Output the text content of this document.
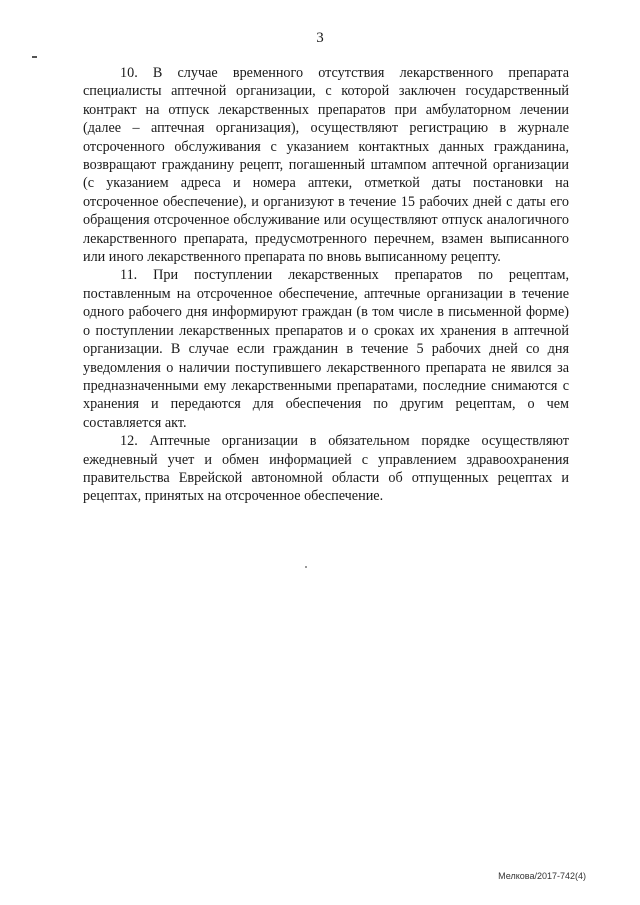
3

10. В случае временного отсутствия лекарственного препарата специалисты аптечной организации, с которой заключен государственный контракт на отпуск лекарственных препаратов при амбулаторном лечении (далее – аптечная организация), осуществляют регистрацию в журнале отсроченного обслуживания с указанием контактных данных гражданина, возвращают гражданину рецепт, погашенный штампом аптечной организации (с указанием адреса и номера аптеки, отметкой даты постановки на отсроченное обеспечение), и организуют в течение 15 рабочих дней с даты его обращения отсроченное обслуживание или осуществляют отпуск аналогичного лекарственного препарата, предусмотренного перечнем, взамен выписанного или иного лекарственного препарата по вновь выписанному рецепту.

11. При поступлении лекарственных препаратов по рецептам, поставленным на отсроченное обеспечение, аптечные организации в течение одного рабочего дня информируют граждан (в том числе в письменной форме) о поступлении лекарственных препаратов и о сроках их хранения в аптечной организации. В случае если гражданин в течение 5 рабочих дней со дня уведомления о наличии поступившего лекарственного препарата не явился за предназначенными ему лекарственными препаратами, последние снимаются с хранения и передаются для обеспечения по другим рецептам, о чем составляется акт.

12. Аптечные организации в обязательном порядке осуществляют ежедневный учет и обмен информацией с управлением здравоохранения правительства Еврейской автономной области об отпущенных рецептах и рецептах, принятых на отсроченное обеспечение.

Мелкова/2017-742(4)
